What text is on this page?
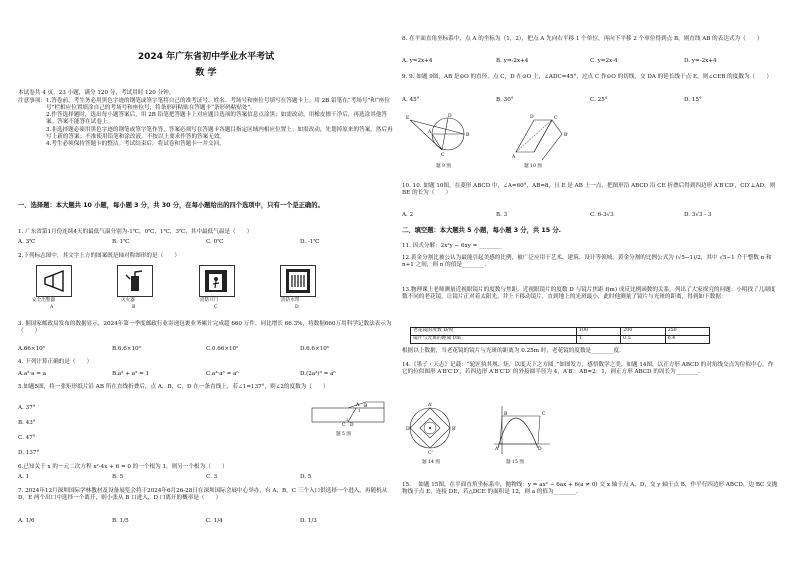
2024 年广东省初中学业水平考试
数 学
本试卷共 4 页，23 小题，满分 120 分，考试用时 120 分钟。
注意事项： 1.答卷前，考生务必用黑色字迹的钢笔或签字笔将自己的准考证号、姓名、考场号和座位号填写在答题卡上。用 2B 铅笔在“考场号”和“座位号”栏相应位置填涂自己的考场号和座位号，将条形码粘贴在答题卡“条形码粘贴处”。
2.作答选择题时，选出每小题答案后，用 2B 铅笔把答题卡上对应题目选项的答案信息点涂黑；如需改动，用橡皮擦干净后，再选涂其他答案。答案不能答在试卷上。
3.非选择题必须用黑色字迹的钢笔或签字笔作答，答案必须写在答题卡各题目指定区域内相应位置上；如需改动，先划掉原来的答案，然后再写上新的答案；不准使用铅笔和涂改液。不按以上要求作答的答案无效。
4.考生必须保持答题卡的整洁。考试结束后，将试卷和答题卡一并交回。
一、选择题：本大题共 10 小题，每小题 3 分，共 30 分，在每小题给出的四个选项中，只有一个是正确的。
1. 广东省第1月份连续4天的最低气温分别为-1℃，0℃，1℃，3℃，其中最低气温是（　　）
A. 3℃	B. 1℃	C. 0℃	D. -1℃
2.下列标志图中，其文字上方的图案既是轴对称图形的是（　　）
安全出警器	灭火器	消防开门	消防水带
A	B	C	D
3. 据国家邮政局发布的数据显示，2024年第一季度邮政行业寄递包裹业务累计完成超 660 万件，同比增长 66.3%，将数据660万用科学记数法表示为（　　）
A.66×10⁵	B.6.6×10⁶	C.0.66×10⁵	D.6.6×10⁵
4. 下列计算正确的是（　　）
A.a²·a = a	B.a² + a³ = 1	C.a⁴·a³ = a⁶	D.(2a³)³ = a⁶
5.如题5图，将一张矩形纸片沿 AB 所在直线折叠后，点 A，B，C，D 在一条直线上，若∠1=137°，则∠2的度数为（　　）
A. 37°
B. 43°
C. 47°
D. 137°
A B
1
2
C D
题 5 图
6.已知关于 x 的一元二次方程 x²-4x + 6 = 0 的一个根为 1，则另一个根为（　　）
A. 1	B. 5	C. 3	D. 5
7. 2024年12月深圳国际学林教材及设备展览会将于2024年6月26-28日在深圳国际会展中心举办，有 A，B，C 三个入口供选择一个进入，再随机从 D，E 两个出口中选择一个离开，则小张从 B 口进入，D 口离开的概率是（　　）
A. 1/6	B. 1/5	C. 1/4	D. 1/3
8. 在平面直角坐标系中，点 A 的坐标为（1，2），把点 A 先向右平移 1 个单位，再向下平移 2 个单位得到点 B，则直线 AB 的表达式为（　　）
A. y=2x+4	B. y=-2x+4	C. y=2x-4	D. y=-2x+4
9. 9. 如题 9图，AB 是⊙O 的直径，点 C，D 在⊙O 上，∠ADC=45°，过点 C 作⊙O 的切线，交 DA 的延长线于点 E，则∠CEB 的度数为（　　）
A. 45°	B. 30°	C. 25°	D. 15°
E
A
B
D
C
题 9 图
D	C
A
B'
题 10 图
10. 10. 如题 10图，在菱形 ABCD 中，∠A=60°，AB=8，且 E 是 AB 上一点，把图形沿 ABCD 沿 CE 折叠后得到四边形 A′B′CD′，CD′⊥AD，则 BE 的长为（　　）
A. 2	B. 3	C. 6-3√3	D. 3√3 - 3
二、填空题：本大题共 5 小题，每小题 3 分，共 15 分.
11. 因式分解：2x²y − 6xy = ________
12.黄金分割比被公认为最能引起美感的比例，被广泛应用于艺术、建筑、设计等领域。黄金分割的比例公式为 (√5−1)/2，其中 √5−1 介于整数 n 和 n+1 之间，则 n 的值是________.
13.物理课上老师测量近视眼镜片的度数与焦距。近视眼镜片的度数 D 与镜片焦距 f(m) 成反比例函数的关系，列出了大家探究的问题：小明找了几副度数不同的老花镜，让镜片正对着太阳光，并上下移动镜片，直到地上的光斑最小，此时他测量了镜片与光斑的距离，得到如下数据：
老花镜的度数 D/度	100	200	250
镜片与光斑的距离 f/m	1	0.5	0.4
根据以上数据，当老花镜的镜片与光斑的距离为 0.25m 时，老花镜的度数是________度.
14.《墨子・天志》记载：“轮匠执其规、矩，以度天下之方圆。”如图发方，感悟数学之美。如题 14图，以正方形 ABCD 的对角线交点为位似中心，作它的位似图形 A′B′C′D′，若四边形 A′B′C′D′ 的外接圆半径为 4，A′B′：AB=2：1，则正方形 ABCD 的周长为________.
A'
D'	B'
C'
题 14 图
A
B	C
D
题 15 图
15.　 如题 15图，在平面直角坐标系中，抛物线：y = ax² − 6ax + 6(a ≠ 0) 交 x 轴于点 A，D，交 y 轴于点 B，作平行四边形 ABCD，边 BC 交抛物线于点 E，连接 DE，若△DCE 的面积是 12，则 a 的值为________.
